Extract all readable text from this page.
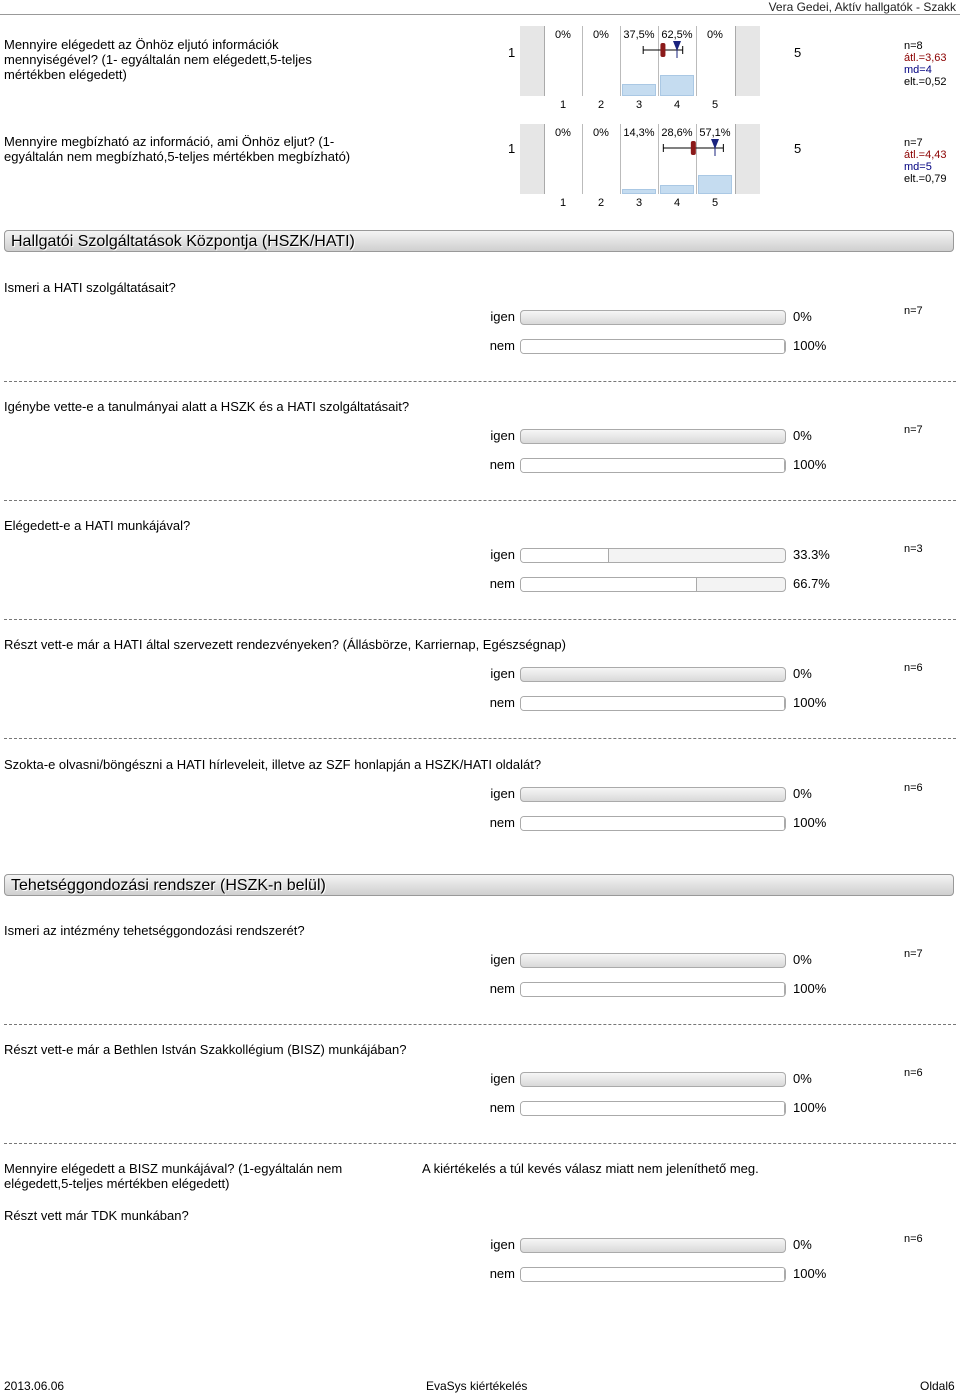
Vera Gedei, Aktív hallgatók - Szakk
Mennyire elégedett az Önhöz eljutó információk mennyiségével? (1- egyáltalán nem elégedett,5-teljes mértékben elégedett)
1	5
0%
1
0%
2
37,5%
3
62,5%
4
0%
5
n=8
átl.=3,63
md=4
elt.=0,52
Mennyire megbízható az információ, ami Önhöz eljut? (1- egyáltalán nem megbízható,5-teljes mértékben megbízható)
1	5
0%
1
0%
2
14,3%
3
28,6%
4
57,1%
5
n=7
átl.=4,43
md=5
elt.=0,79
Hallgatói Szolgáltatások Központja (HSZK/HATI)
Ismeri a HATI szolgáltatásait?
n=7
igen	0%
nem	100%
Igénybe vette-e a tanulmányai alatt a HSZK és a HATI szolgáltatásait?
n=7
igen	0%
nem	100%
Elégedett-e a HATI munkájával?
n=3
igen	33.3%
nem	66.7%
Részt vett-e már a HATI által szervezett rendezvényeken? (Állásbörze, Karriernap, Egészségnap)
n=6
igen	0%
nem	100%
Szokta-e olvasni/böngészni a HATI hírleveleit, illetve az SZF honlapján a HSZK/HATI oldalát?
n=6
igen	0%
nem	100%
Ismeri az intézmény tehetséggondozási rendszerét?
n=7
igen	0%
nem	100%
Részt vett-e már a Bethlen István Szakkollégium (BISZ) munkájában?
n=6
igen	0%
nem	100%
Részt vett már TDK munkában?
n=6
igen	0%
nem	100%
Mennyire elégedett a BISZ munkájával? (1-egyáltalán nem elégedett,5-teljes mértékben elégedett)
A kiértékelés a túl kevés válasz miatt nem jeleníthető meg.
Tehetséggondozási rendszer (HSZK-n belül)
2013.06.06	EvaSys kiértékelés	Oldal6
